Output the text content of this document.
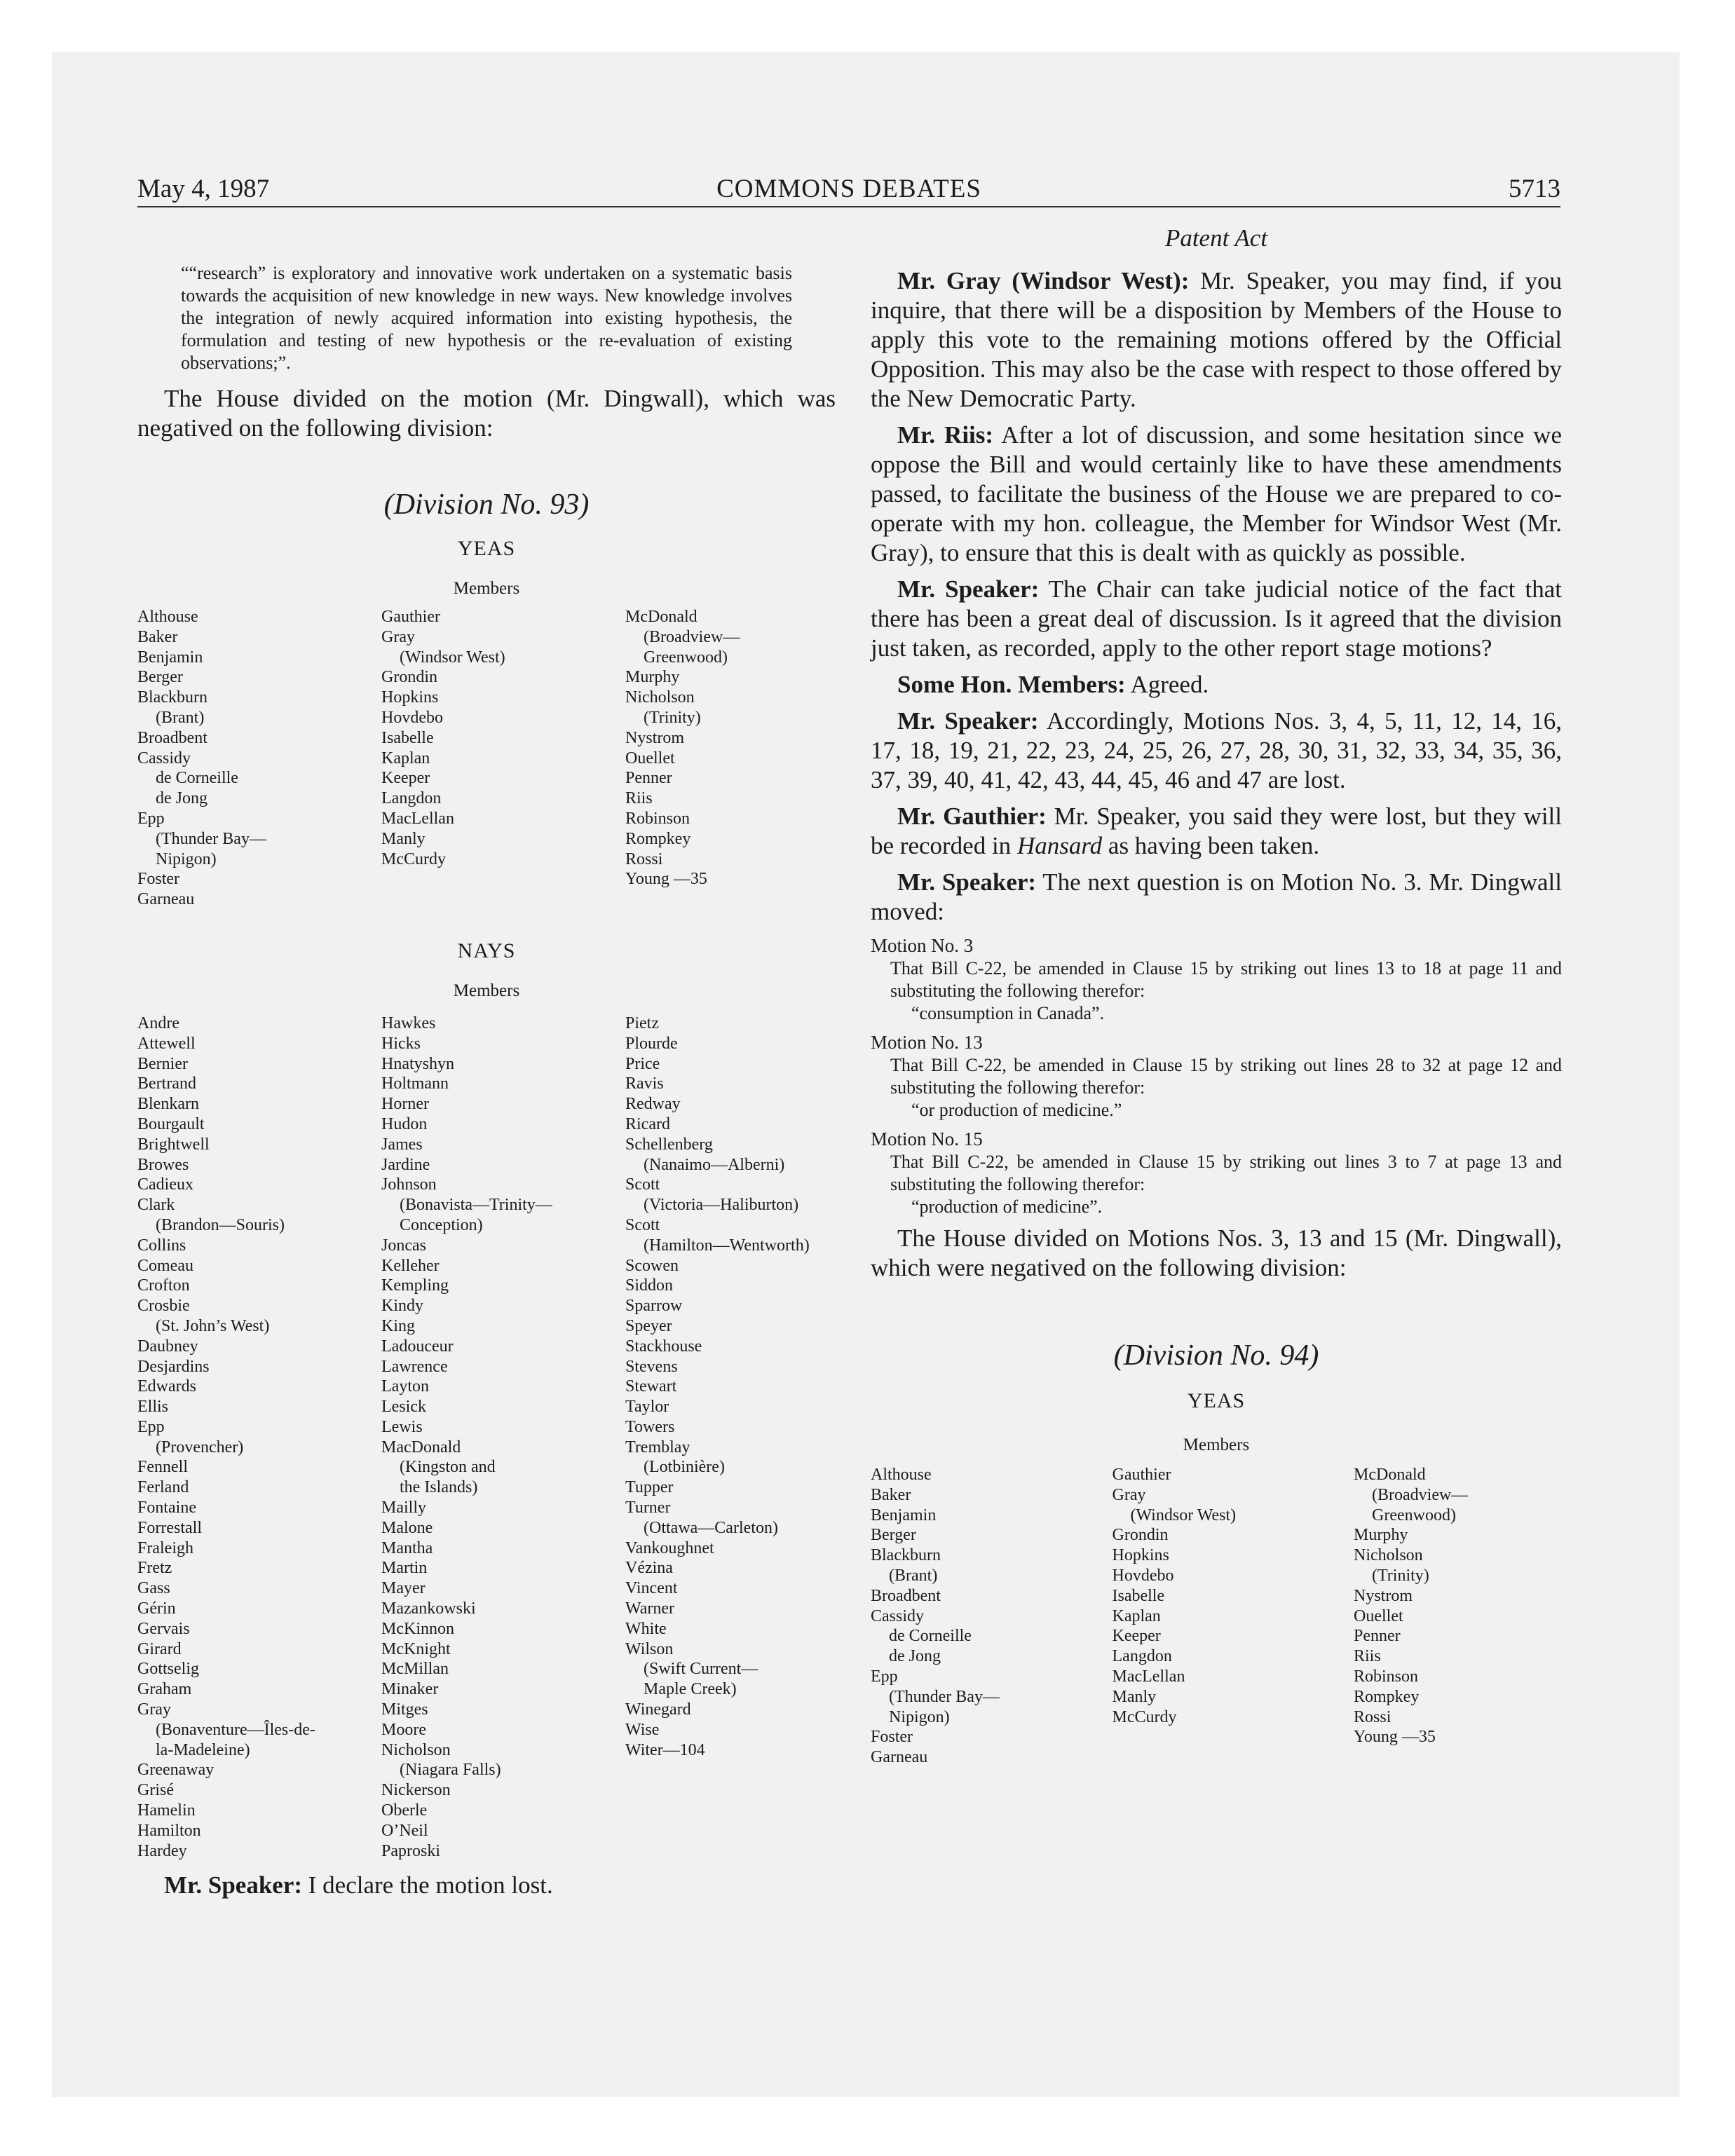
May 4, 1987	COMMONS DEBATES	5713
““research” is exploratory and innovative work undertaken on a systematic basis towards the acquisition of new knowledge in new ways. New knowledge involves the integration of newly acquired information into existing hypothesis, the formulation and testing of new hypothesis or the re-evaluation of existing observations;”.
The House divided on the motion (Mr. Dingwall), which was negatived on the following division:
(Division No. 93)
YEAS
Members
Althouse
Baker
Benjamin
Berger
Blackburn
(Brant)
Broadbent
Cassidy
de Corneille
de Jong
Epp
(Thunder Bay—
Nipigon)
Foster
Garneau
Gauthier
Gray
(Windsor West)
Grondin
Hopkins
Hovdebo
Isabelle
Kaplan
Keeper
Langdon
MacLellan
Manly
McCurdy
McDonald
(Broadview—
Greenwood)
Murphy
Nicholson
(Trinity)
Nystrom
Ouellet
Penner
Riis
Robinson
Rompkey
Rossi
Young —35
NAYS
Members
Andre
Attewell
Bernier
Bertrand
Blenkarn
Bourgault
Brightwell
Browes
Cadieux
Clark
(Brandon—Souris)
Collins
Comeau
Crofton
Crosbie
(St. John’s West)
Daubney
Desjardins
Edwards
Ellis
Epp
(Provencher)
Fennell
Ferland
Fontaine
Forrestall
Fraleigh
Fretz
Gass
Gérin
Gervais
Girard
Gottselig
Graham
Gray
(Bonaventure—Îles-de-
la-Madeleine)
Greenaway
Grisé
Hamelin
Hamilton
Hardey
Hawkes
Hicks
Hnatyshyn
Holtmann
Horner
Hudon
James
Jardine
Johnson
(Bonavista—Trinity—
Conception)
Joncas
Kelleher
Kempling
Kindy
King
Ladouceur
Lawrence
Layton
Lesick
Lewis
MacDonald
(Kingston and
the Islands)
Mailly
Malone
Mantha
Martin
Mayer
Mazankowski
McKinnon
McKnight
McMillan
Minaker
Mitges
Moore
Nicholson
(Niagara Falls)
Nickerson
Oberle
O’Neil
Paproski
Pietz
Plourde
Price
Ravis
Redway
Ricard
Schellenberg
(Nanaimo—Alberni)
Scott
(Victoria—Haliburton)
Scott
(Hamilton—Wentworth)
Scowen
Siddon
Sparrow
Speyer
Stackhouse
Stevens
Stewart
Taylor
Towers
Tremblay
(Lotbinière)
Tupper
Turner
(Ottawa—Carleton)
Vankoughnet
Vézina
Vincent
Warner
White
Wilson
(Swift Current—
Maple Creek)
Winegard
Wise
Witer—104
Mr. Speaker: I declare the motion lost.
Patent Act
Mr. Gray (Windsor West): Mr. Speaker, you may find, if you inquire, that there will be a disposition by Members of the House to apply this vote to the remaining motions offered by the Official Opposition. This may also be the case with respect to those offered by the New Democratic Party.
Mr. Riis: After a lot of discussion, and some hesitation since we oppose the Bill and would certainly like to have these amendments passed, to facilitate the business of the House we are prepared to co-operate with my hon. colleague, the Member for Windsor West (Mr. Gray), to ensure that this is dealt with as quickly as possible.
Mr. Speaker: The Chair can take judicial notice of the fact that there has been a great deal of discussion. Is it agreed that the division just taken, as recorded, apply to the other report stage motions?
Some Hon. Members: Agreed.
Mr. Speaker: Accordingly, Motions Nos. 3, 4, 5, 11, 12, 14, 16, 17, 18, 19, 21, 22, 23, 24, 25, 26, 27, 28, 30, 31, 32, 33, 34, 35, 36, 37, 39, 40, 41, 42, 43, 44, 45, 46 and 47 are lost.
Mr. Gauthier: Mr. Speaker, you said they were lost, but they will be recorded in Hansard as having been taken.
Mr. Speaker: The next question is on Motion No. 3. Mr. Dingwall moved:

Motion No. 3

That Bill C-22, be amended in Clause 15 by striking out lines 13 to 18 at page 11 and substituting the following therefor:

“consumption in Canada”.

Motion No. 13

That Bill C-22, be amended in Clause 15 by striking out lines 28 to 32 at page 12 and substituting the following therefor:

“or production of medicine.”

Motion No. 15

That Bill C-22, be amended in Clause 15 by striking out lines 3 to 7 at page 13 and substituting the following therefor:

“production of medicine”.

The House divided on Motions Nos. 3, 13 and 15 (Mr. Dingwall), which were negatived on the following division:
(Division No. 94)
YEAS
Members
Althouse
Baker
Benjamin
Berger
Blackburn
(Brant)
Broadbent
Cassidy
de Corneille
de Jong
Epp
(Thunder Bay—
Nipigon)
Foster
Garneau
Gauthier
Gray
(Windsor West)
Grondin
Hopkins
Hovdebo
Isabelle
Kaplan
Keeper
Langdon
MacLellan
Manly
McCurdy
McDonald
(Broadview—
Greenwood)
Murphy
Nicholson
(Trinity)
Nystrom
Ouellet
Penner
Riis
Robinson
Rompkey
Rossi
Young —35
